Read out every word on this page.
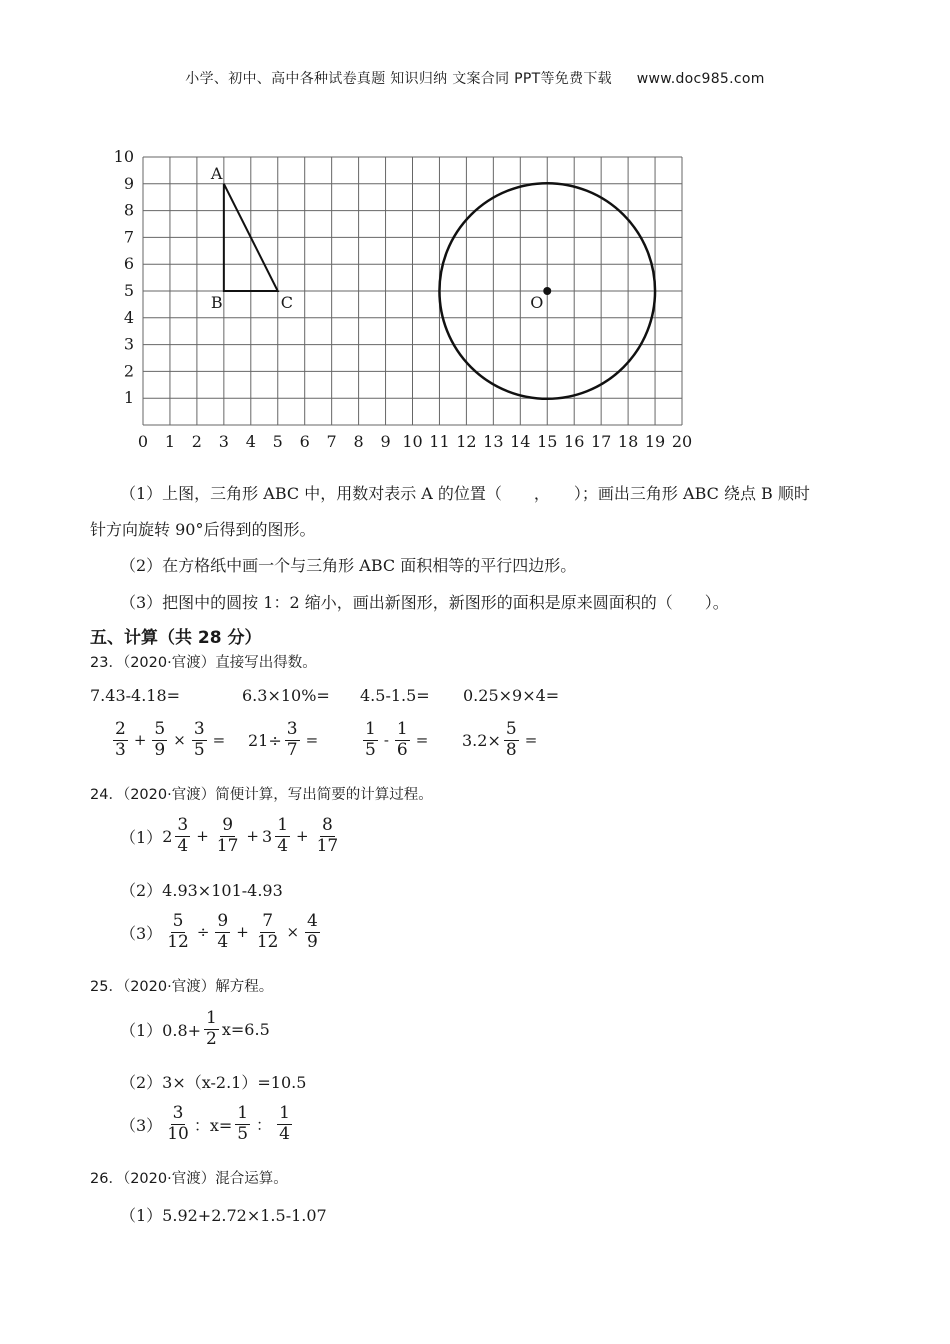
小学、初中、高中各种试卷真题 知识归纳 文案合同 PPT等免费下载 www.doc985.com
0 1 2 3 4 5 6 7 8 9 10 11 12 13 14 15 16 17 18 19 20
1
2
3
4
5
6
7
8
9
10
A
B	C	O
（1）上图，三角形 ABC 中，用数对表示 A 的位置（　　，　　）；画出三角形 ABC 绕点 B 顺时
针方向旋转 90°后得到的图形。
（2）在方格纸中画一个与三角形 ABC 面积相等的平行四边形。
（3）把图中的圆按 1：2 缩小，画出新图形，新图形的面积是原来圆面积的（　　）。
五、计算（共 28 分）
23．（2020·官渡）直接写出得数。
7.43-4.18=	6.3×10%= 4.5-1.5= 0.25×9×4=
$\frac{2}{3} + \frac{5}{9} \times \frac{3}{5} = 21\div \frac{3}{7}$ =	$\frac{1}{5} - \frac{1}{6} = 3.2\times \frac{5}{8}$ =
24．（2020·官渡）简便计算，写出简要的计算过程。
（1） $2 \frac{3}{4} + \frac{9}{17} + 3 \frac{1}{4} + \frac{8}{17}$
（2）4.93×101-4.93
$(3) \frac{5}{12} \div \frac{9}{4} + \frac{7}{12} \times \frac{4}{9}$
25．（2020·官渡）解方程。
$(1)0.8+ \frac{1}{2} x=6.5$
（2）3×（x-2.1）=10.5
$(3) \frac{3}{10}$ ：$x= \frac{1}{5}$ ： $\frac{1}{4}$
26．（2020·官渡）混合运算。
（1）5.92+2.72×1.5-1.07
